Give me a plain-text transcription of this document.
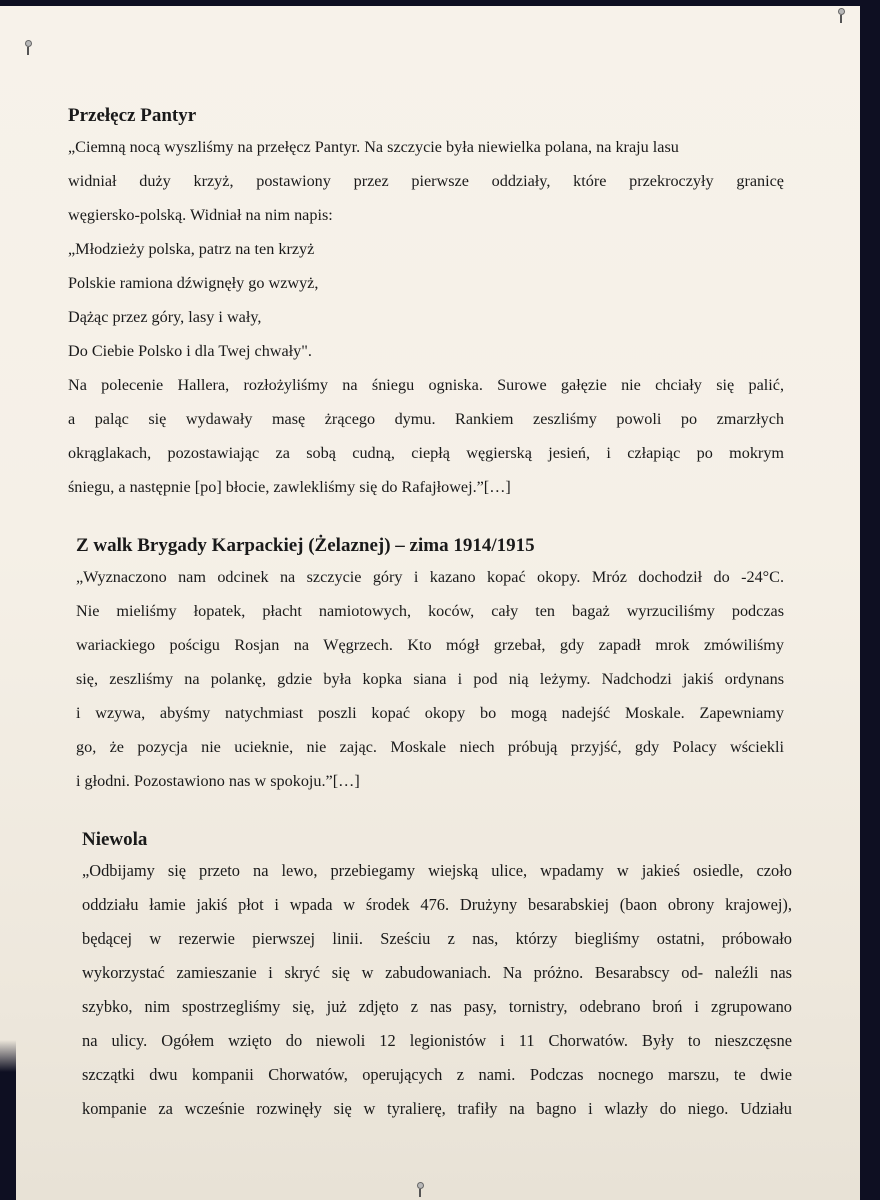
Przełęcz Pantyr

„Ciemną nocą wyszliśmy na przełęcz Pantyr. Na szczycie była niewielka polana, na kraju lasu

widniał duży krzyż, postawiony przez pierwsze oddziały, które przekroczyły granicę

węgiersko-polską. Widniał na nim napis:

„Młodzieży polska, patrz na ten krzyż

Polskie ramiona dźwignęły go wzwyż,

Dążąc przez góry, lasy i wały,

Do Ciebie Polsko i dla Twej chwały".

Na polecenie Hallera, rozłożyliśmy na śniegu ogniska. Surowe gałęzie nie chciały się palić,

a paląc się wydawały masę żrącego dymu. Rankiem zeszliśmy powoli po zmarzłych

okrąglakach, pozostawiając za sobą cudną, ciepłą węgierską jesień, i człapiąc po mokrym

śniegu, a następnie [po] błocie, zawlekliśmy się do Rafajłowej.”[…]

Z walk Brygady Karpackiej (Żelaznej) – zima 1914/1915

„Wyznaczono nam odcinek na szczycie góry i kazano kopać okopy. Mróz dochodził do -24°C.

Nie mieliśmy łopatek, płacht namiotowych, koców, cały ten bagaż wyrzuciliśmy podczas

wariackiego pościgu Rosjan na Węgrzech. Kto mógł grzebał, gdy zapadł mrok zmówiliśmy

się, zeszliśmy na polankę, gdzie była kopka siana i pod nią leżymy. Nadchodzi jakiś ordynans

i wzywa, abyśmy natychmiast poszli kopać okopy bo mogą nadejść Moskale. Zapewniamy

go, że pozycja nie ucieknie, nie zając. Moskale niech próbują przyjść, gdy Polacy wściekli

i głodni. Pozostawiono nas w spokoju.”[…]

Niewola

„Odbijamy się przeto na lewo, przebiegamy wiejską ulice, wpadamy w jakieś osiedle, czoło

oddziału łamie jakiś płot i wpada w środek 476. Drużyny besarabskiej (baon obrony krajowej),

będącej w rezerwie pierwszej linii. Sześciu z nas, którzy biegliśmy ostatni, próbowało

wykorzystać zamieszanie i skryć się w zabudowaniach. Na próżno. Besarabscy od- naleźli nas

szybko, nim spostrzegliśmy się, już zdjęto z nas pasy, tornistry, odebrano broń i zgrupowano

na ulicy. Ogółem wzięto do niewoli 12 legionistów i 11 Chorwatów. Były to nieszczęsne

szczątki dwu kompanii Chorwatów, operujących z nami. Podczas nocnego marszu, te dwie

kompanie za wcześnie rozwinęły się w tyralierę, trafiły na bagno i wlazły do niego. Udziału
